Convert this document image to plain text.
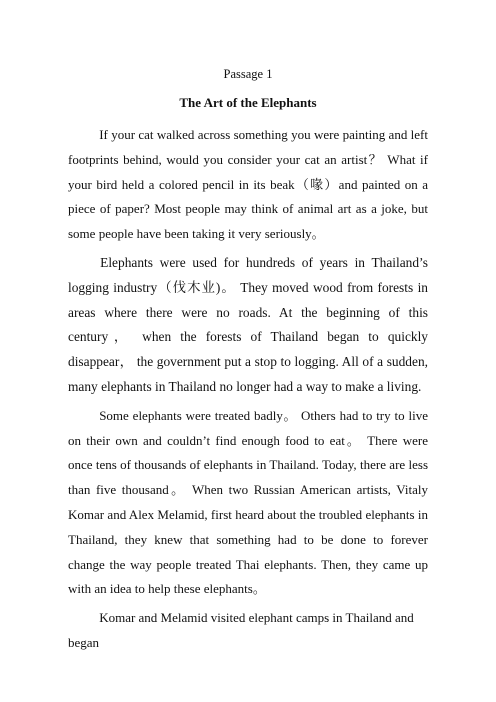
Passage 1

The Art of the Elephants

If your cat walked across something you were painting and left footprints behind, would you consider your cat an artist？ What if your bird held a colored pencil in its beak（喙）and painted on a piece of paper? Most people may think of animal art as a joke, but some people have been taking it very seriously。

Elephants were used for hundreds of years in Thailand’s logging industry（伐木业)。 They moved wood from forests in areas where there were no roads. At the beginning of this century， when the forests of Thailand began to quickly disappear， the government put a stop to logging. All of a sudden, many elephants in Thailand no longer had a way to make a living.

Some elephants were treated badly。 Others had to try to live on their own and couldn’t find enough food to eat。 There were once tens of thousands of elephants in Thailand. Today, there are less than five thousand。 When two Russian American artists, Vitaly Komar and Alex Melamid, first heard about the troubled elephants in Thailand, they knew that something had to be done to forever change the way people treated Thai elephants. Then, they came up with an idea to help these elephants。

Komar and Melamid visited elephant camps in Thailand and began
